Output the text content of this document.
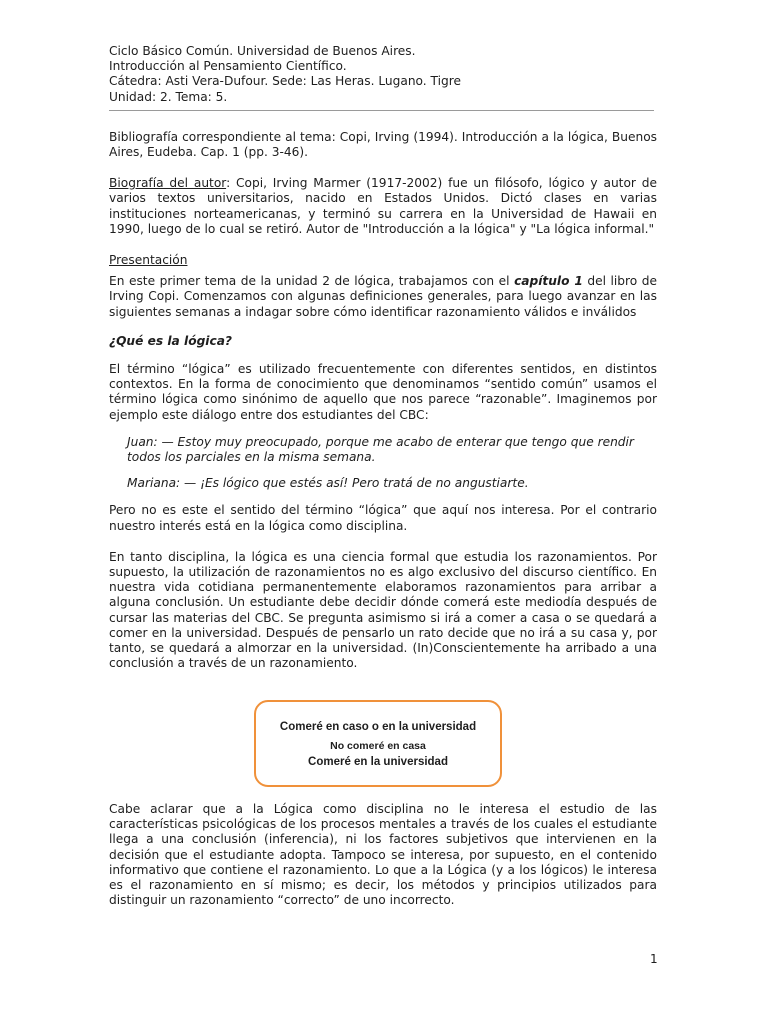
Ciclo Básico Común. Universidad de Buenos Aires.
Introducción al Pensamiento Científico.
Cátedra: Asti Vera-Dufour. Sede: Las Heras. Lugano. Tigre
Unidad: 2. Tema: 5.

Bibliografía correspondiente al tema: Copi, Irving (1994). Introducción a la lógica, Buenos Aires, Eudeba. Cap. 1 (pp. 3-46).

Biografía del autor: Copi, Irving Marmer (1917-2002) fue un filósofo, lógico y autor de varios textos universitarios, nacido en Estados Unidos. Dictó clases en varias instituciones norteamericanas, y terminó su carrera en la Universidad de Hawaii en 1990, luego de lo cual se retiró. Autor de "Introducción a la lógica" y "La lógica informal."

Presentación

En este primer tema de la unidad 2 de lógica, trabajamos con el capítulo 1 del libro de Irving Copi. Comenzamos con algunas definiciones generales, para luego avanzar en las siguientes semanas a indagar sobre cómo identificar razonamiento válidos e inválidos

¿Qué es la lógica?

El término “lógica” es utilizado frecuentemente con diferentes sentidos, en distintos contextos. En la forma de conocimiento que denominamos “sentido común” usamos el término lógica como sinónimo de aquello que nos parece “razonable”. Imaginemos por ejemplo este diálogo entre dos estudiantes del CBC:

Juan: — Estoy muy preocupado, porque me acabo de enterar que tengo que rendir todos los parciales en la misma semana.

Mariana: — ¡Es lógico que estés así! Pero tratá de no angustiarte.

Pero no es este el sentido del término “lógica” que aquí nos interesa. Por el contrario nuestro interés está en la lógica como disciplina.

En tanto disciplina, la lógica es una ciencia formal que estudia los razonamientos. Por supuesto, la utilización de razonamientos no es algo exclusivo del discurso científico. En nuestra vida cotidiana permanentemente elaboramos razonamientos para arribar a alguna conclusión. Un estudiante debe decidir dónde comerá este mediodía después de cursar las materias del CBC. Se pregunta asimismo si irá a comer a casa o se quedará a comer en la universidad. Después de pensarlo un rato decide que no irá a su casa y, por tanto, se quedará a almorzar en la universidad. (In)Conscientemente ha arribado a una conclusión a través de un razonamiento.

Comeré en caso o en la universidad
No comeré en casa
Comeré en la universidad

Cabe aclarar que a la Lógica como disciplina no le interesa el estudio de las características psicológicas de los procesos mentales a través de los cuales el estudiante llega a una conclusión (inferencia), ni los factores subjetivos que intervienen en la decisión que el estudiante adopta. Tampoco se interesa, por supuesto, en el contenido informativo que contiene el razonamiento. Lo que a la Lógica (y a los lógicos) le interesa es el razonamiento en sí mismo; es decir, los métodos y principios utilizados para distinguir un razonamiento “correcto” de uno incorrecto.

1
